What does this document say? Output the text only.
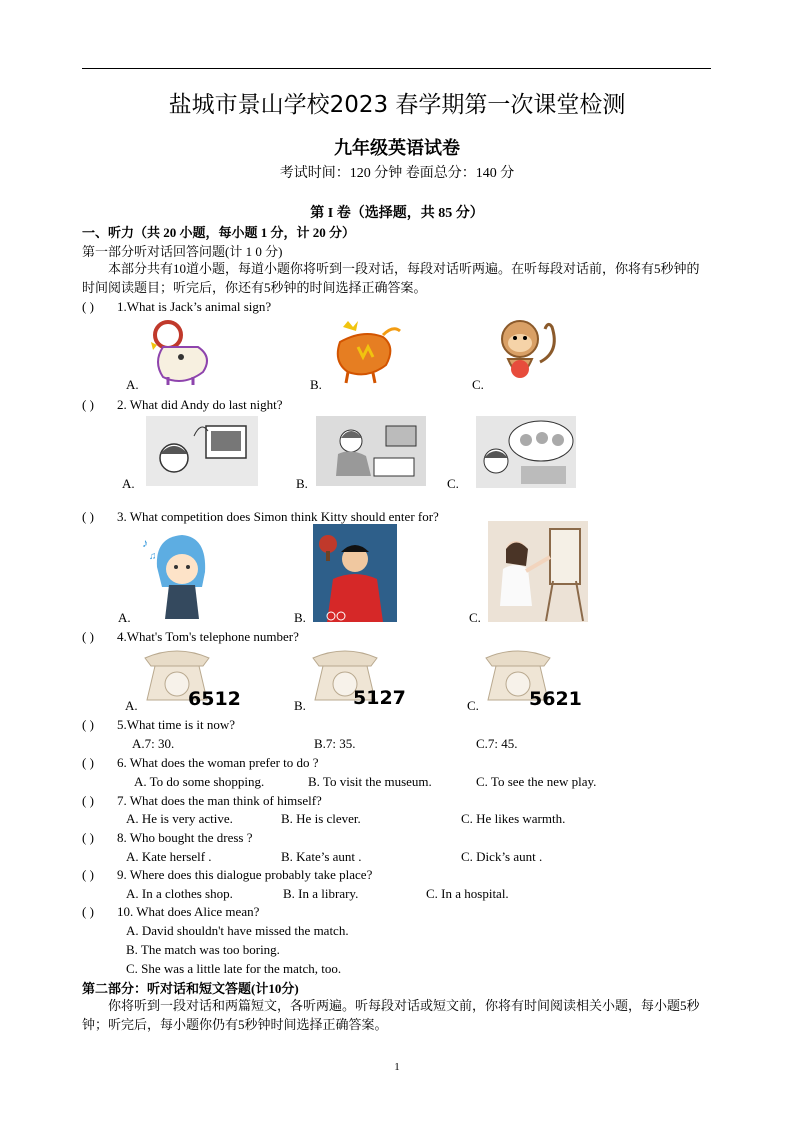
盐城市景山学校2023 春学期第一次课堂检测
九年级英语试卷
考试时间：120 分钟 卷面总分：140 分
第 I 卷（选择题，共 85 分）
一、听力（共 20 小题，每小题 1 分，计 20 分）
第一部分听对话回答问题(计 1 0 分)
本部分共有10道小题，每道小题你将听到一段对话，每段对话听两遍。在听每段对话前，你将有5秒钟的时间阅读题目；听完后，你还有5秒钟的时间选择正确答案。
( ) 1.What is Jack’s animal sign?
A.	B.	C.
( ) 2. What did Andy do last night?
A.	B.	C.
( ) 3. What competition does Simon think Kitty should enter for?
♪
♫
A.	B.	C.
( ) 4.What's Tom's telephone number?
6512	5127	5621
A.	B.	C.
( ) 5.What time is it now?
A.7: 30.	B.7: 35.	C.7: 45.
( ) 6. What does the woman prefer to do ?
A. To do some shopping.	B. To visit the museum.	C. To see the new play.
( ) 7. What does the man think of himself?
A. He is very active.	B. He is clever.	C. He likes warmth.
( ) 8. Who bought the dress ?
A. Kate herself .	B. Kate’s aunt .	C. Dick’s aunt .
( ) 9. Where does this dialogue probably take place?
A. In a clothes shop.	B. In a library.	C. In a hospital.
( ) 10. What does Alice mean?
A. David shouldn't have missed the match.
B. The match was too boring.
C. She was a little late for the match, too.
第二部分：听对话和短文答题(计10分)
你将听到一段对话和两篇短文，各听两遍。听每段对话或短文前，你将有时间阅读相关小题，每小题5秒钟；听完后，每小题你仍有5秒钟时间选择正确答案。
1
